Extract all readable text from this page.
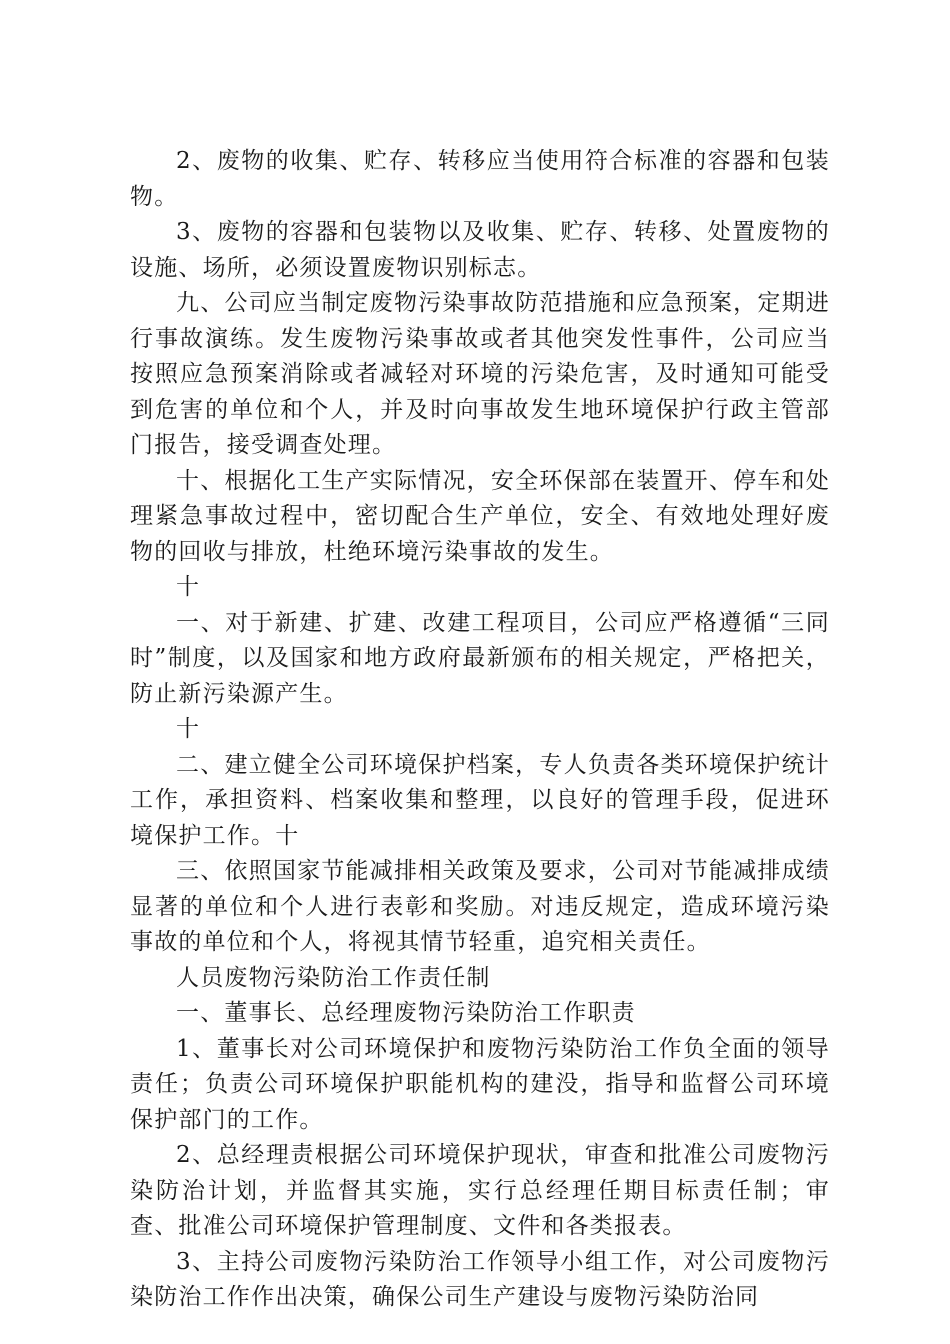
2、废物的收集、贮存、转移应当使用符合标准的容器和包装物。

3、废物的容器和包装物以及收集、贮存、转移、处置废物的设施、场所，必须设置废物识别标志。

九、公司应当制定废物污染事故防范措施和应急预案，定期进行事故演练。发生废物污染事故或者其他突发性事件，公司应当按照应急预案消除或者减轻对环境的污染危害，及时通知可能受到危害的单位和个人，并及时向事故发生地环境保护行政主管部门报告，接受调查处理。

十、根据化工生产实际情况，安全环保部在装置开、停车和处理紧急事故过程中，密切配合生产单位，安全、有效地处理好废物的回收与排放，杜绝环境污染事故的发生。

十

一、对于新建、扩建、改建工程项目，公司应严格遵循“三同时”制度，以及国家和地方政府最新颁布的相关规定，严格把关，防止新污染源产生。

十

二、建立健全公司环境保护档案，专人负责各类环境保护统计工作，承担资料、档案收集和整理，以良好的管理手段，促进环境保护工作。十

三、依照国家节能减排相关政策及要求，公司对节能减排成绩显著的单位和个人进行表彰和奖励。对违反规定，造成环境污染事故的单位和个人，将视其情节轻重，追究相关责任。

人员废物污染防治工作责任制

一、董事长、总经理废物污染防治工作职责

1、董事长对公司环境保护和废物污染防治工作负全面的领导责任；负责公司环境保护职能机构的建没，指导和监督公司环境保护部门的工作。

2、总经理责根据公司环境保护现状，审查和批准公司废物污染防治计划，并监督其实施，实行总经理任期目标责任制；审查、批准公司环境保护管理制度、文件和各类报表。

3、主持公司废物污染防治工作领导小组工作，对公司废物污染防治工作作出决策，确保公司生产建设与废物污染防治同
